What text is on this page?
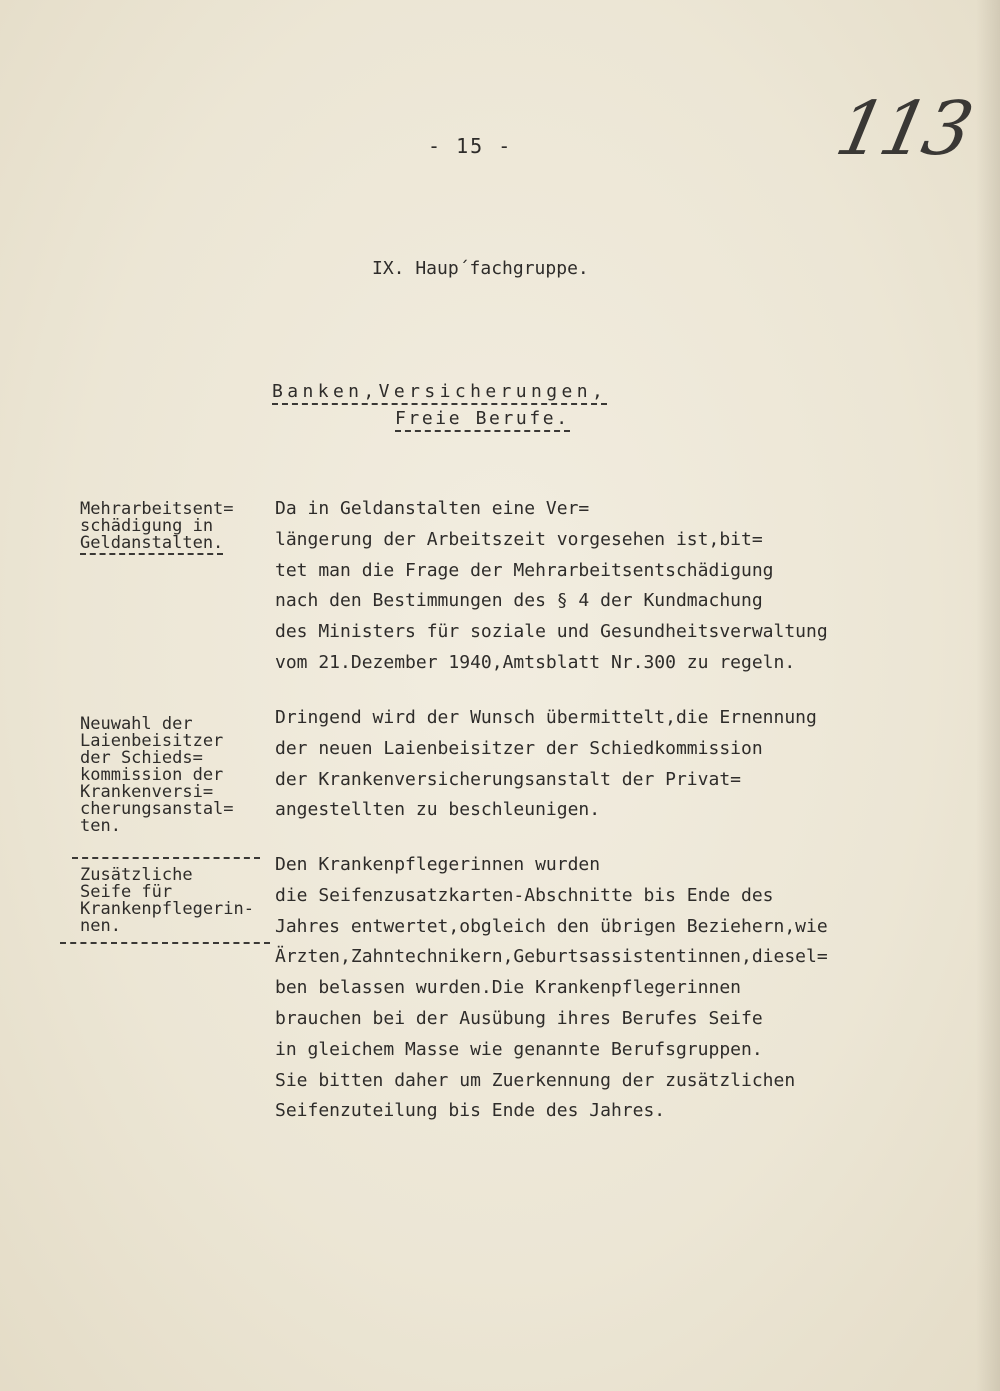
- 15 -	113
IX. Haup´fachgruppe.
Banken,Versicherungen,
Freie Berufe.
Mehrarbeitsent=
schädigung in
Geldanstalten.
Da in Geldanstalten eine Ver=
längerung der Arbeitszeit vorgesehen ist,bit=
tet man die Frage der Mehrarbeitsentschädigung
nach den Bestimmungen des § 4 der Kundmachung
des Ministers für soziale und Gesundheitsverwaltung
vom 21.Dezember 1940,Amtsblatt Nr.300 zu regeln.
Neuwahl der
Laienbeisitzer
der Schieds=
kommission der
Krankenversi=
cherungsanstal=
ten.
Dringend wird der Wunsch übermittelt,die Ernennung
der neuen Laienbeisitzer der Schiedkommission
der Krankenversicherungsanstalt der Privat=
angestellten zu beschleunigen.
Zusätzliche
Seife für
Krankenpflegerin-
nen.
Den Krankenpflegerinnen wurden
die Seifenzusatzkarten-Abschnitte bis Ende des
Jahres entwertet,obgleich den übrigen Beziehern,wie
Ärzten,Zahntechnikern,Geburtsassistentinnen,diesel=
ben belassen wurden.Die Krankenpflegerinnen
brauchen bei der Ausübung ihres Berufes Seife
in gleichem Masse wie genannte Berufsgruppen.
Sie bitten daher um Zuerkennung der zusätzlichen
Seifenzuteilung bis Ende des Jahres.
